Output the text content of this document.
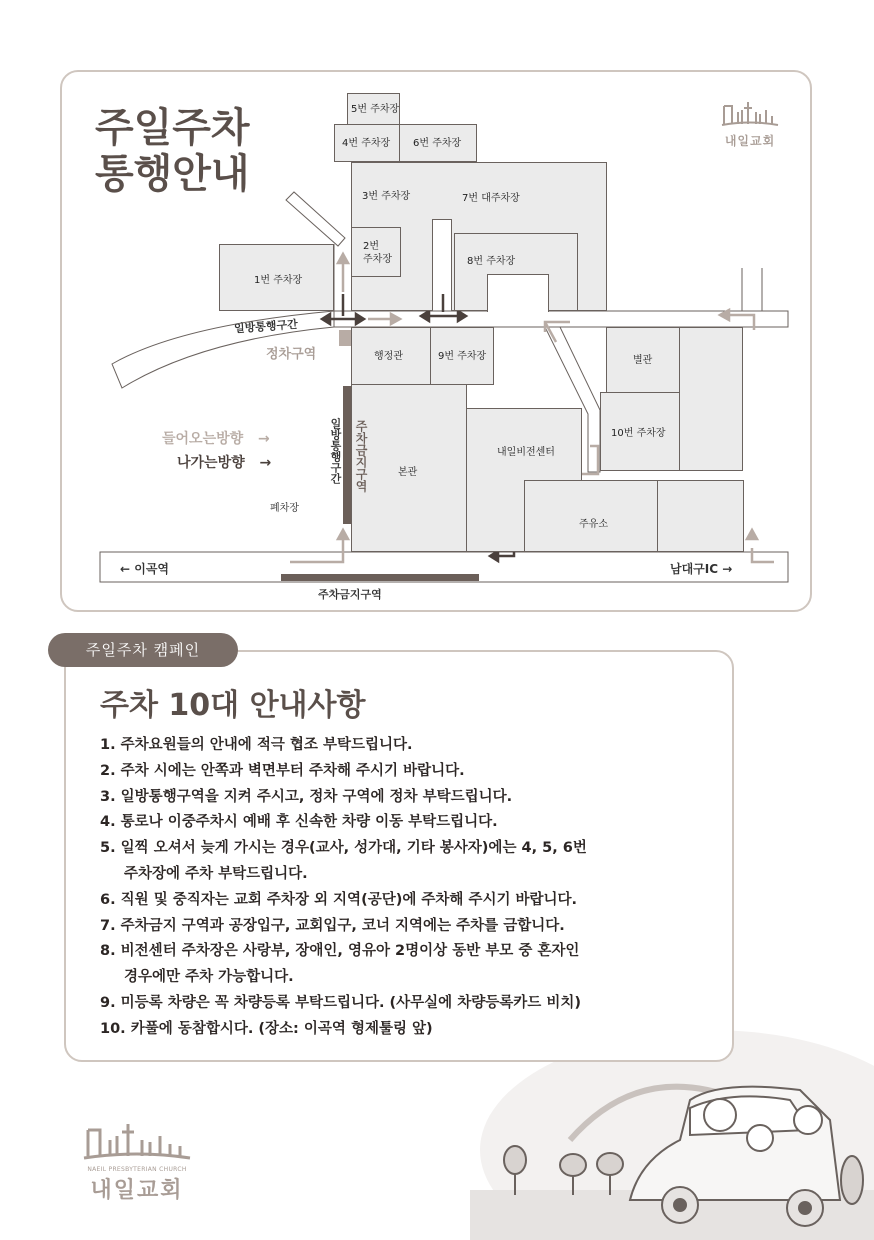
주일주차
통행안내
내일교회
5번 주차장
4번 주차장 6번 주차장
3번 주차장	7번 대주차장
2번
주차장	8번 주차장
1번 주차장
행정관	9번 주차장
본관
내일비전센터
별관
10번 주차장
주유소
일방통행구간
정차구역
일방통행구간 주차금지구역
폐차장
← 이곡역	남대구IC →
주차금지구역
들어오는방향 →
나가는방향 →
주일주차 캠페인
주차 10대 안내사항
1. 주차요원들의 안내에 적극 협조 부탁드립니다.
2. 주차 시에는 안쪽과 벽면부터 주차해 주시기 바랍니다.
3. 일방통행구역을 지켜 주시고, 정차 구역에 정차 부탁드립니다.
4. 통로나 이중주차시 예배 후 신속한 차량 이동 부탁드립니다.
5. 일찍 오셔서 늦게 가시는 경우(교사, 성가대, 기타 봉사자)에는 4, 5, 6번
주차장에 주차 부탁드립니다.
6. 직원 및 중직자는 교회 주차장 외 지역(공단)에 주차해 주시기 바랍니다.
7. 주차금지 구역과 공장입구, 교회입구, 코너 지역에는 주차를 금합니다.
8. 비전센터 주차장은 사랑부, 장애인, 영유아 2명이상 동반 부모 중 혼자인
경우에만 주차 가능합니다.
9. 미등록 차량은 꼭 차량등록 부탁드립니다. (사무실에 차량등록카드 비치)
10. 카풀에 동참합시다. (장소: 이곡역 형제툴링 앞)
NAEIL PRESBYTERIAN CHURCH
내일교회
